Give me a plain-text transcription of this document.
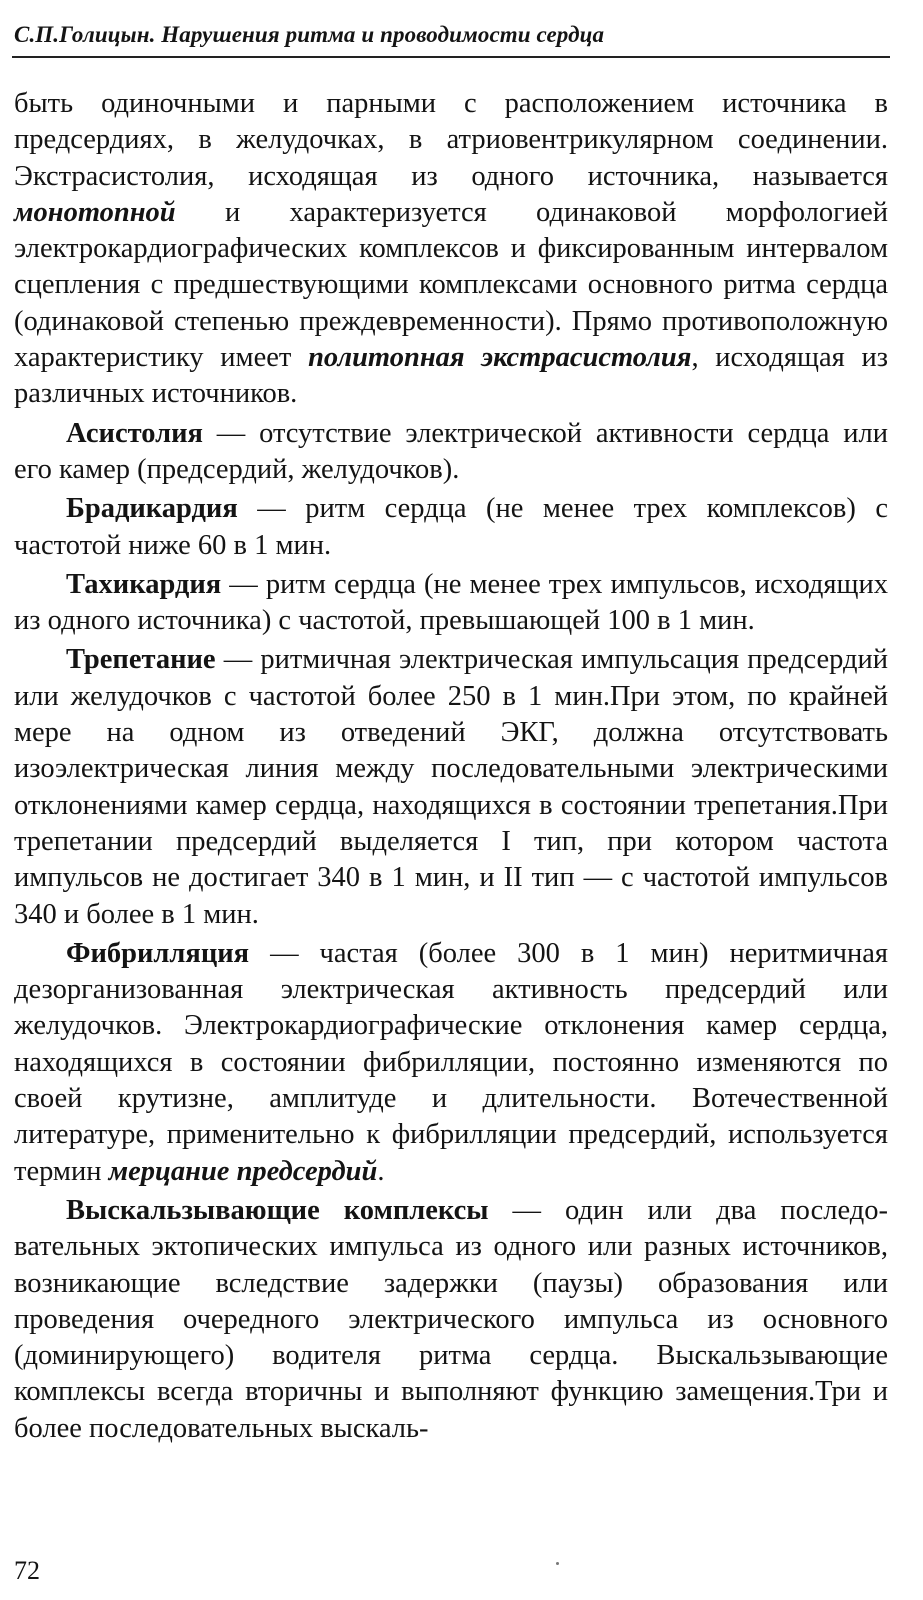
С.П.Голицын. Нарушения ритма и проводимости сердца

быть одиночными и парными с расположением источника в предсердиях, в желудочках, в атриовентрикулярном соединении. Экстрасистолия, исходящая из одного источника, называется монотопной и характеризуется одинаковой морфологией электрокардиографических комплексов и фиксированным интервалом сцепления с предшествующими комплексами основного ритма сердца (одинаковой степенью преждевременности). Прямо противоположную характеристику имеет политопная экстрасистолия, исходящая из различных источников.

Асистолия — отсутствие электрической активности сердца или его камер (предсердий, желудочков).

Брадикардия — ритм сердца (не менее трех комплексов) с частотой ниже 60 в 1 мин.

Тахикардия — ритм сердца (не менее трех импульсов, исходящих из одного источника) с частотой, превышающей 100 в 1 мин.

Трепетание — ритмичная электрическая импульсация предсердий или желудочков с частотой более 250 в 1 мин.При этом, по крайней мере на одном из отведений ЭКГ, должна отсутствовать изоэлектрическая линия между последовательными электрическими отклонениями камер сердца, находящихся в состоянии трепетания.При трепетании предсердий выделяется I тип, при котором частота импульсов не достигает 340 в 1 мин, и II тип — с частотой импульсов 340 и более в 1 мин.

Фибрилляция — частая (более 300 в 1 мин) неритмичная дезорганизованная электрическая активность предсердий или желудочков. Электрокардиографические отклонения камер сердца, находящихся в состоянии фибрилляции, постоянно изменяются по своей крутизне, амплитуде и длительности. Вотечественной литературе, применительно к фибрилляции предсердий, используется термин мерцание предсердий.

Выскальзывающие комплексы — один или два последовательных эктопических импульса из одного или разных источников, возникающие вследствие задержки (паузы) образования или проведения очередного электрического импульса из основного (доминирующего) водителя ритма сердца. Выскальзывающие комплексы всегда вторичны и выполняют функцию замещения.Три и более последовательных выскаль-

72
